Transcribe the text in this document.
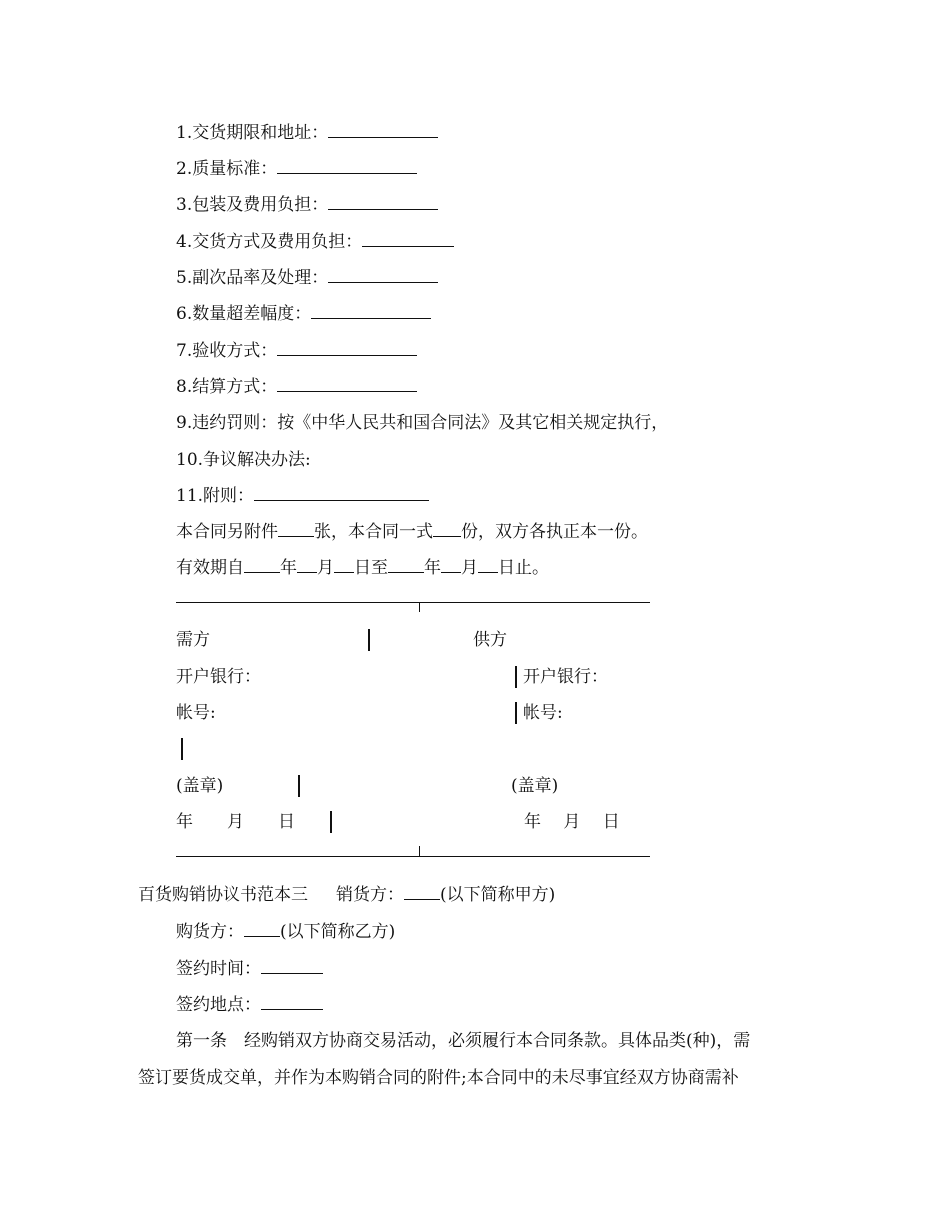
1.交货期限和地址：
2.质量标准：
3.包装及费用负担：
4.交货方式及费用负担：
5.副次品率及处理：
6.数量超差幅度：
7.验收方式：
8.结算方式：
9.违约罚则：按《中华人民共和国合同法》及其它相关规定执行，
10.争议解决办法:
11.附则：
本合同另附件 张，本合同一式 份，双方各执正本一份。
有效期自 年 月 日至 年 月 日止。
需方	供方
开户银行：	开户银行：
帐号:	帐号:
(盖章)	(盖章)
年　　月　　日	年　 月　 日
百货购销协议书范本三 销货方： (以下简称甲方)
购货方： (以下简称乙方)
签约时间：
签约地点：
第一条　经购销双方协商交易活动，必须履行本合同条款。具体品类(种)，需
签订要货成交单，并作为本购销合同的附件;本合同中的未尽事宜经双方协商需补
